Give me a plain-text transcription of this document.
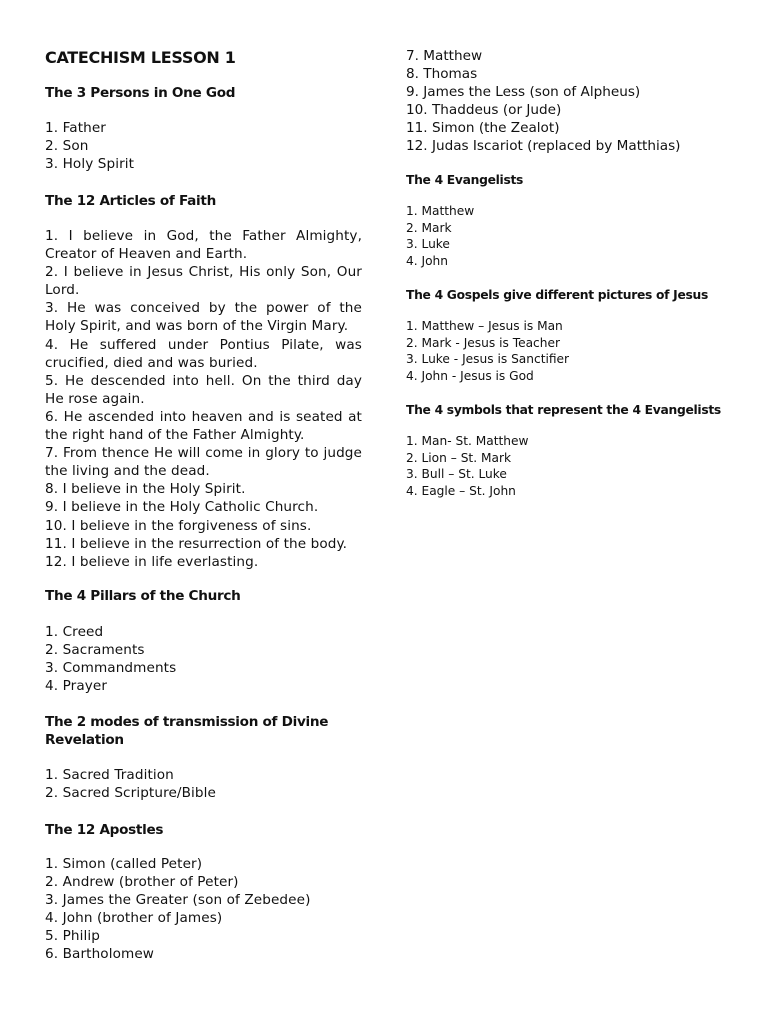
CATECHISM LESSON 1
The 3 Persons in One God
1. Father
2. Son
3. Holy Spirit
The 12 Articles of Faith
1. I believe in God, the Father Almighty, Creator of Heaven and Earth.
2. I believe in Jesus Christ, His only Son, Our Lord.
3. He was conceived by the power of the Holy Spirit, and was born of the Virgin Mary.
4. He suffered under Pontius Pilate, was crucified, died and was buried.
5. He descended into hell. On the third day He rose again.
6. He ascended into heaven and is seated at the right hand of the Father Almighty.
7. From thence He will come in glory to judge the living and the dead.
8. I believe in the Holy Spirit.
9. I believe in the Holy Catholic Church.
10. I believe in the forgiveness of sins.
11. I believe in the resurrection of the body.
12. I believe in life everlasting.
The 4 Pillars of the Church
1. Creed
2. Sacraments
3. Commandments
4. Prayer
The 2 modes of transmission of Divine Revelation
1. Sacred Tradition
2. Sacred Scripture/Bible
The 12 Apostles
1. Simon (called Peter)
2. Andrew (brother of Peter)
3. James the Greater (son of Zebedee)
4. John (brother of James)
5. Philip
6. Bartholomew
7. Matthew
8. Thomas
9. James the Less (son of Alpheus)
10. Thaddeus (or Jude)
11. Simon (the Zealot)
12. Judas Iscariot (replaced by Matthias)
The 4 Evangelists
1. Matthew
2. Mark
3. Luke
4. John
The 4 Gospels give different pictures of Jesus
1. Matthew – Jesus is Man
2. Mark - Jesus is Teacher
3. Luke - Jesus is Sanctifier
4. John - Jesus is God
The 4 symbols that represent the 4 Evangelists
1. Man- St. Matthew
2. Lion – St. Mark
3. Bull – St. Luke
4. Eagle – St. John
